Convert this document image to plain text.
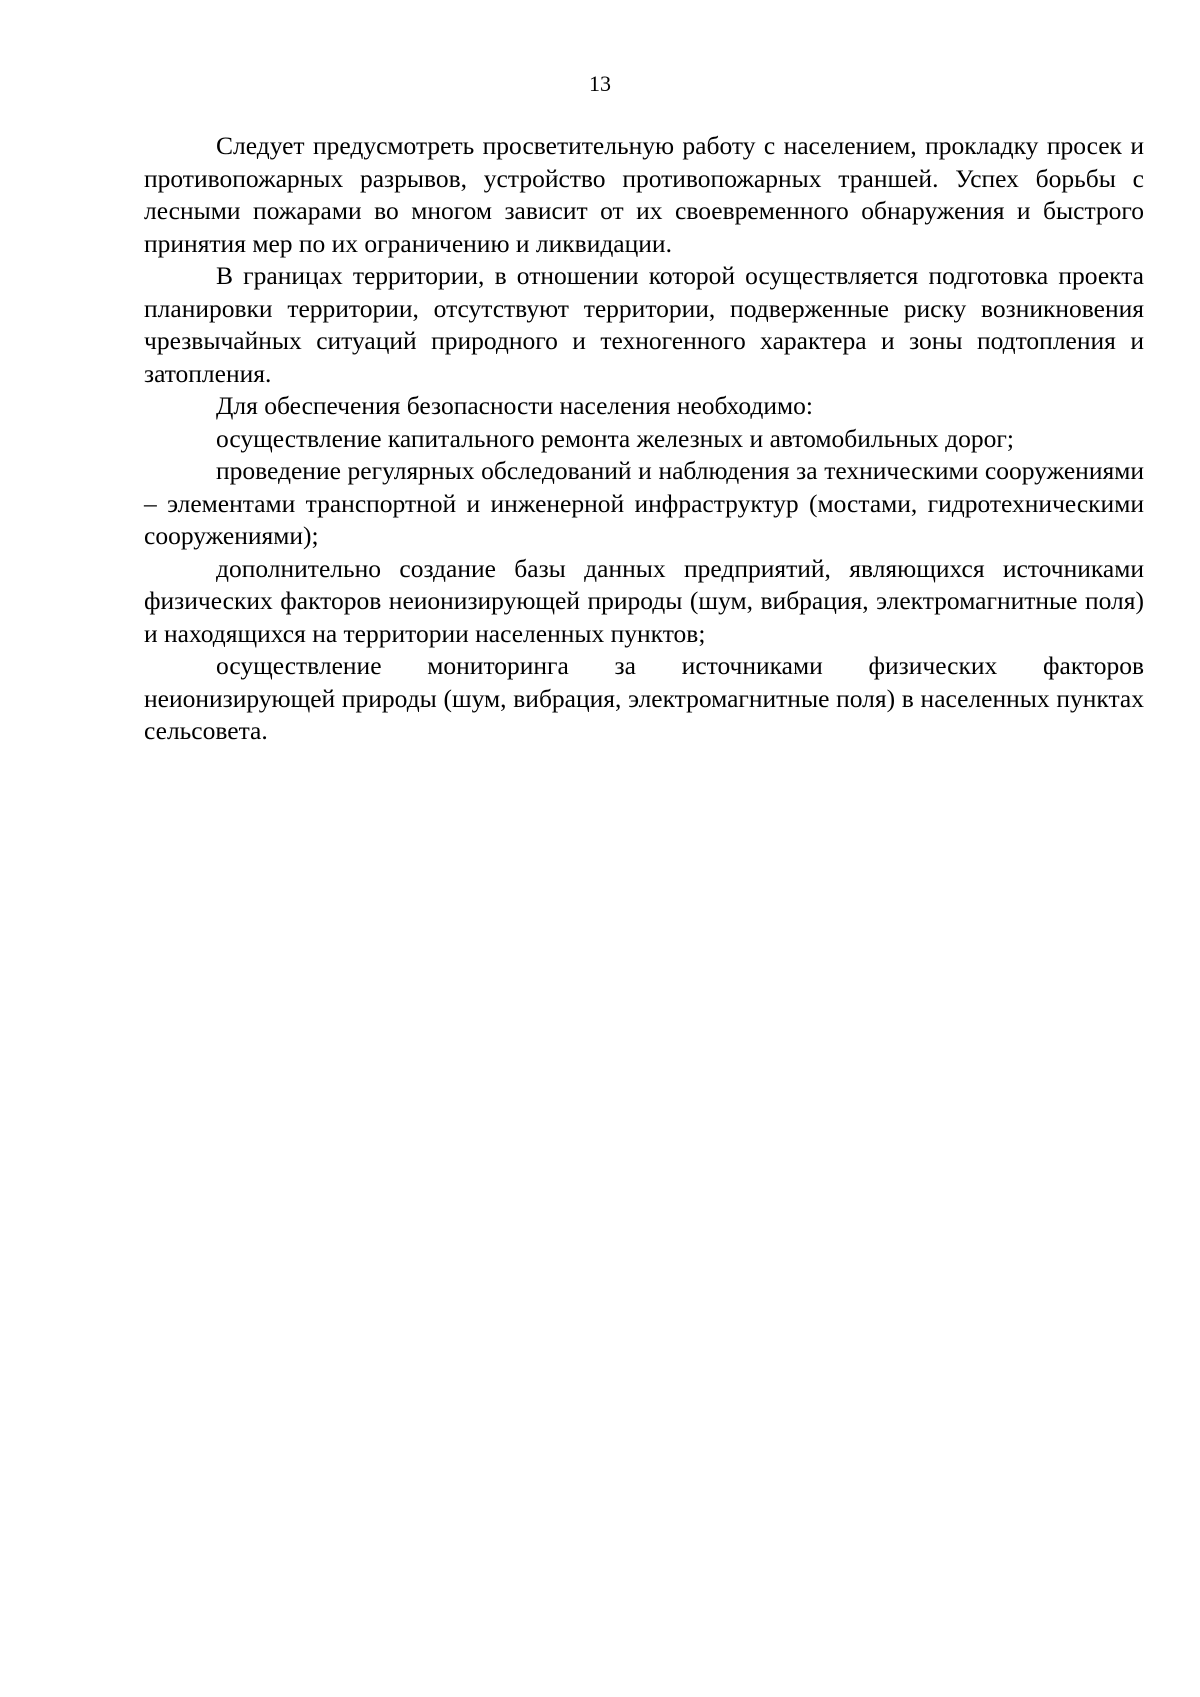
13

Следует предусмотреть просветительную работу с населением, прокладку просек и противопожарных разрывов, устройство противопожарных траншей. Успех борьбы с лесными пожарами во многом зависит от их своевременного обнаружения и быстрого принятия мер по их ограничению и ликвидации.

В границах территории, в отношении которой осуществляется подготовка проекта планировки территории, отсутствуют территории, подверженные риску возникновения чрезвычайных ситуаций природного и техногенного характера и зоны подтопления и затопления.

Для обеспечения безопасности населения необходимо:

осуществление капитального ремонта железных и автомобильных дорог;

проведение регулярных обследований и наблюдения за техническими сооружениями – элементами транспортной и инженерной инфраструктур (мостами, гидротехническими сооружениями);

дополнительно создание базы данных предприятий, являющихся источниками физических факторов неионизирующей природы (шум, вибрация, электромагнитные поля) и находящихся на территории населенных пунктов;

осуществление мониторинга за источниками физических факторов неионизирующей природы (шум, вибрация, электромагнитные поля) в населенных пунктах сельсовета.
